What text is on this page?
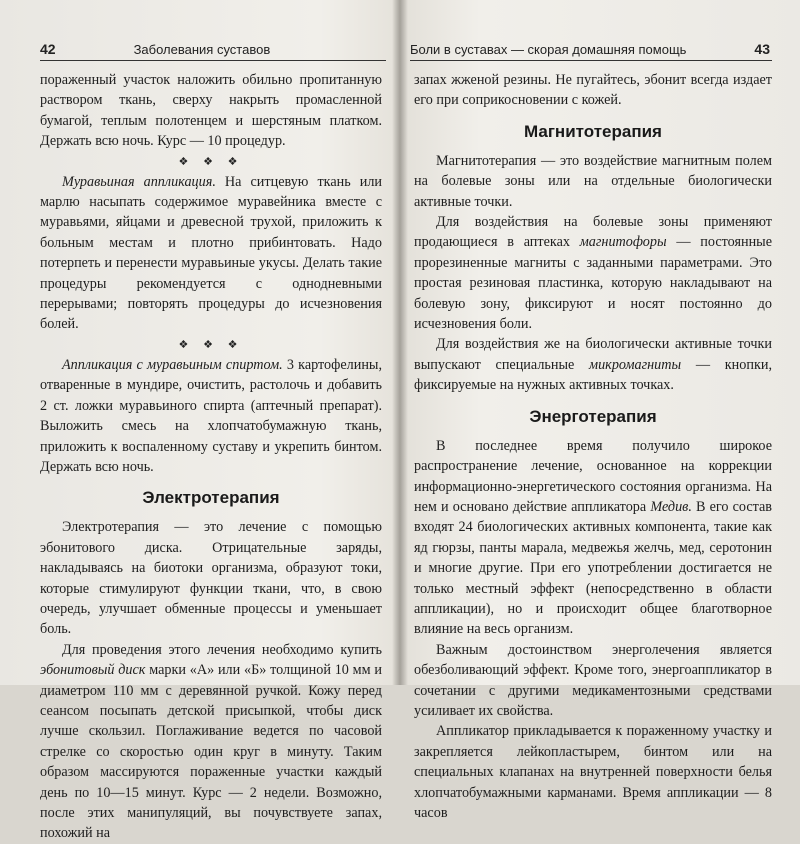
42	Заболевания суставов

пораженный участок наложить обильно пропитанную раствором ткань, сверху накрыть промасленной бумагой, теплым полотенцем и шерстяным платком. Держать всю ночь. Курс — 10 процедур.

❖ ❖ ❖

Муравьиная аппликация. На ситцевую ткань или марлю насыпать содержимое муравейника вместе с муравьями, яйцами и древесной трухой, приложить к больным местам и плотно прибинтовать. Надо потерпеть и перенести муравьиные укусы. Делать такие процедуры рекомендуется с однодневными перерывами; повторять процедуры до исчезновения болей.

❖ ❖ ❖

Аппликация с муравьиным спиртом. 3 картофелины, отваренные в мундире, очистить, растолочь и добавить 2 ст. ложки муравьиного спирта (аптечный препарат). Выложить смесь на хлопчатобумажную ткань, приложить к воспаленному суставу и укрепить бинтом. Держать всю ночь.

Электротерапия

Электротерапия — это лечение с помощью эбонитового диска. Отрицательные заряды, накладываясь на биотоки организма, образуют токи, которые стимулируют функции ткани, что, в свою очередь, улучшает обменные процессы и уменьшает боль.

Для проведения этого лечения необходимо купить эбонитовый диск марки «А» или «Б» толщиной 10 мм и диаметром 110 мм с деревянной ручкой. Кожу перед сеансом посыпать детской присыпкой, чтобы диск лучше скользил. Поглаживание ведется по часовой стрелке со скоростью один круг в минуту. Таким образом массируются пораженные участки каждый день по 10—15 минут. Курс — 2 недели. Возможно, после этих манипуляций, вы почувствуете запах, похожий на

Боли в суставах — скорая домашняя помощь	43

запах жженой резины. Не пугайтесь, эбонит всегда издает его при соприкосновении с кожей.

Магнитотерапия

Магнитотерапия — это воздействие магнитным полем на болевые зоны или на отдельные биологически активные точки.

Для воздействия на болевые зоны применяют продающиеся в аптеках магнитофоры — постоянные прорезиненные магниты с заданными параметрами. Это простая резиновая пластинка, которую накладывают на болевую зону, фиксируют и носят постоянно до исчезновения боли.

Для воздействия же на биологически активные точки выпускают специальные микромагниты — кнопки, фиксируемые на нужных активных точках.

Энерготерапия

В последнее время получило широкое распространение лечение, основанное на коррекции информационно-энергетического состояния организма. На нем и основано действие аппликатора Медив. В его состав входят 24 биологических активных компонента, такие как яд гюрзы, панты марала, медвежья желчь, мед, серотонин и многие другие. При его употреблении достигается не только местный эффект (непосредственно в области аппликации), но и происходит общее благотворное влияние на весь организм.

Важным достоинством энерголечения является обезболивающий эффект. Кроме того, энергоаппликатор в сочетании с другими медикаментозными средствами усиливает их свойства.

Аппликатор прикладывается к пораженному участку и закрепляется лейкопластырем, бинтом или на специальных клапанах на внутренней поверхности белья хлопчатобумажными карманами. Время аппликации — 8 часов
